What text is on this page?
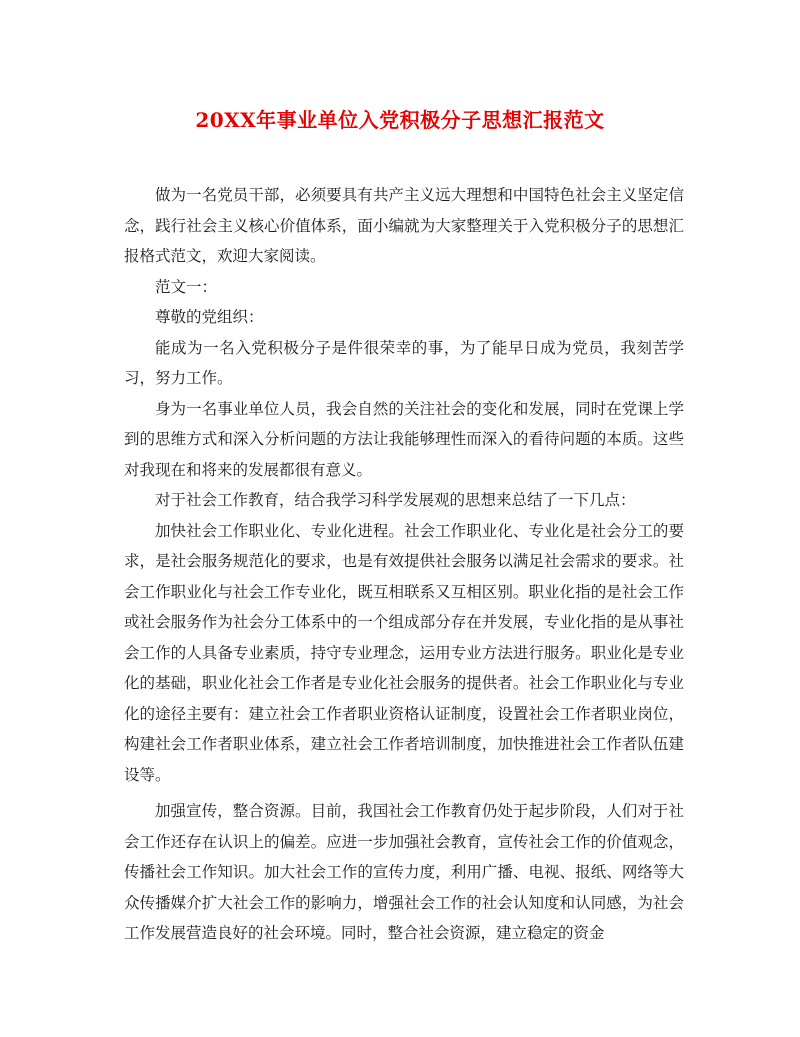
20XX年事业单位入党积极分子思想汇报范文

做为一名党员干部，必须要具有共产主义远大理想和中国特色社会主义坚定信念，践行社会主义核心价值体系，面小编就为大家整理关于入党积极分子的思想汇报格式范文，欢迎大家阅读。

范文一：

尊敬的党组织：

能成为一名入党积极分子是件很荣幸的事，为了能早日成为党员，我刻苦学习，努力工作。

身为一名事业单位人员，我会自然的关注社会的变化和发展，同时在党课上学到的思维方式和深入分析问题的方法让我能够理性而深入的看待问题的本质。这些对我现在和将来的发展都很有意义。

对于社会工作教育，结合我学习科学发展观的思想来总结了一下几点：

加快社会工作职业化、专业化进程。社会工作职业化、专业化是社会分工的要求，是社会服务规范化的要求，也是有效提供社会服务以满足社会需求的要求。社会工作职业化与社会工作专业化，既互相联系又互相区别。职业化指的是社会工作或社会服务作为社会分工体系中的一个组成部分存在并发展，专业化指的是从事社会工作的人具备专业素质，持守专业理念，运用专业方法进行服务。职业化是专业化的基础，职业化社会工作者是专业化社会服务的提供者。社会工作职业化与专业化的途径主要有：建立社会工作者职业资格认证制度，设置社会工作者职业岗位，构建社会工作者职业体系，建立社会工作者培训制度，加快推进社会工作者队伍建设等。

加强宣传，整合资源。目前，我国社会工作教育仍处于起步阶段，人们对于社会工作还存在认识上的偏差。应进一步加强社会教育，宣传社会工作的价值观念，传播社会工作知识。加大社会工作的宣传力度，利用广播、电视、报纸、网络等大众传播媒介扩大社会工作的影响力，增强社会工作的社会认知度和认同感，为社会工作发展营造良好的社会环境。同时，整合社会资源，建立稳定的资金
